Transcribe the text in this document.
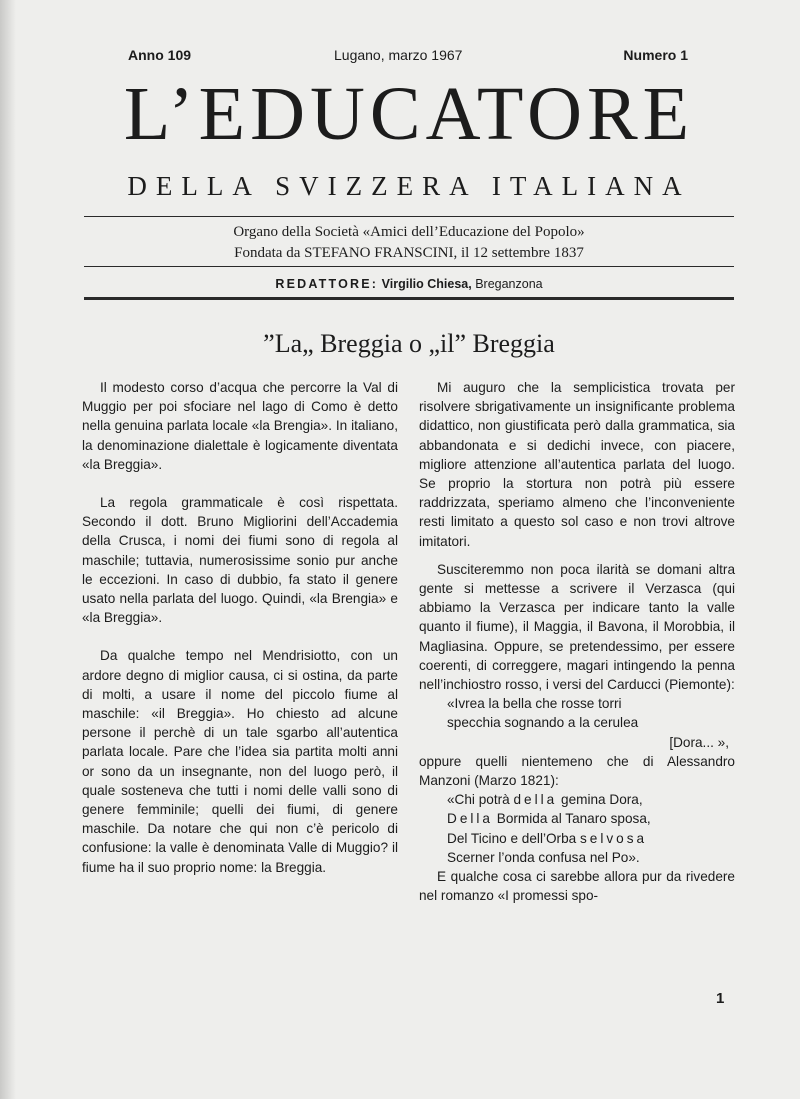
Anno 109	Lugano, marzo 1967	Numero 1
L’EDUCATORE
DELLA SVIZZERA ITALIANA
Organo della Società «Amici dell’Educazione del Popolo»
Fondata da STEFANO FRANSCINI, il 12 settembre 1837
REDATTORE: Virgilio Chiesa, Breganzona
”La„ Breggia o „il” Breggia

Il modesto corso d’acqua che percorre la Val di Muggio per poi sfociare nel lago di Como è detto nella genuina parlata locale «la Brengia». In italiano, la denominazione dialettale è logicamente diventata «la Breggia».

La regola grammaticale è così rispettata. Secondo il dott. Bruno Migliorini dell’Accademia della Crusca, i nomi dei fiumi sono di regola al maschile; tuttavia, numerosissime sonio pur anche le eccezioni. In caso di dubbio, fa stato il genere usato nella parlata del luogo. Quindi, «la Brengia» e «la Breggia».

Da qualche tempo nel Mendrisiotto, con un ardore degno di miglior causa, ci si ostina, da parte di molti, a usare il nome del piccolo fiume al maschile: «il Breggia». Ho chiesto ad alcune persone il perchè di un tale sgarbo all’autentica parlata locale. Pare che l’idea sia partita molti anni or sono da un insegnante, non del luogo però, il quale sosteneva che tutti i nomi delle valli sono di genere femminile; quelli dei fiumi, di genere maschile. Da notare che qui non c’è pericolo di confusione: la valle è denominata Valle di Muggio? il fiume ha il suo proprio nome: la Breggia.

Mi auguro che la semplicistica trovata per risolvere sbrigativamente un insignificante problema didattico, non giustificata però dalla grammatica, sia abbandonata e si dedichi invece, con piacere, migliore attenzione all’autentica parlata del luogo. Se proprio la stortura non potrà più essere raddrizzata, speriamo almeno che l’inconveniente resti limitato a questo sol caso e non trovi altrove imitatori.

Susciteremmo non poca ilarità se domani altra gente si mettesse a scrivere il Verzasca (qui abbiamo la Verzasca per indicare tanto la valle quanto il fiume), il Maggia, il Bavona, il Morobbia, il Magliasina. Oppure, se pretendessimo, per essere coerenti, di correggere, magari intingendo la penna nell’inchiostro rosso, i versi del Carducci (Piemonte):

«Ivrea la bella che rosse torri

specchia sognando a la cerulea

[Dora... »,

oppure quelli nientemeno che di Alessandro Manzoni (Marzo 1821):

«Chi potrà della gemina Dora,

Della Bormida al Tanaro sposa,

Del Ticino e dell’Orba selvosa

Scerner l’onda confusa nel Po».

E qualche cosa ci sarebbe allora pur da rivedere nel romanzo «I promessi spo-

1
